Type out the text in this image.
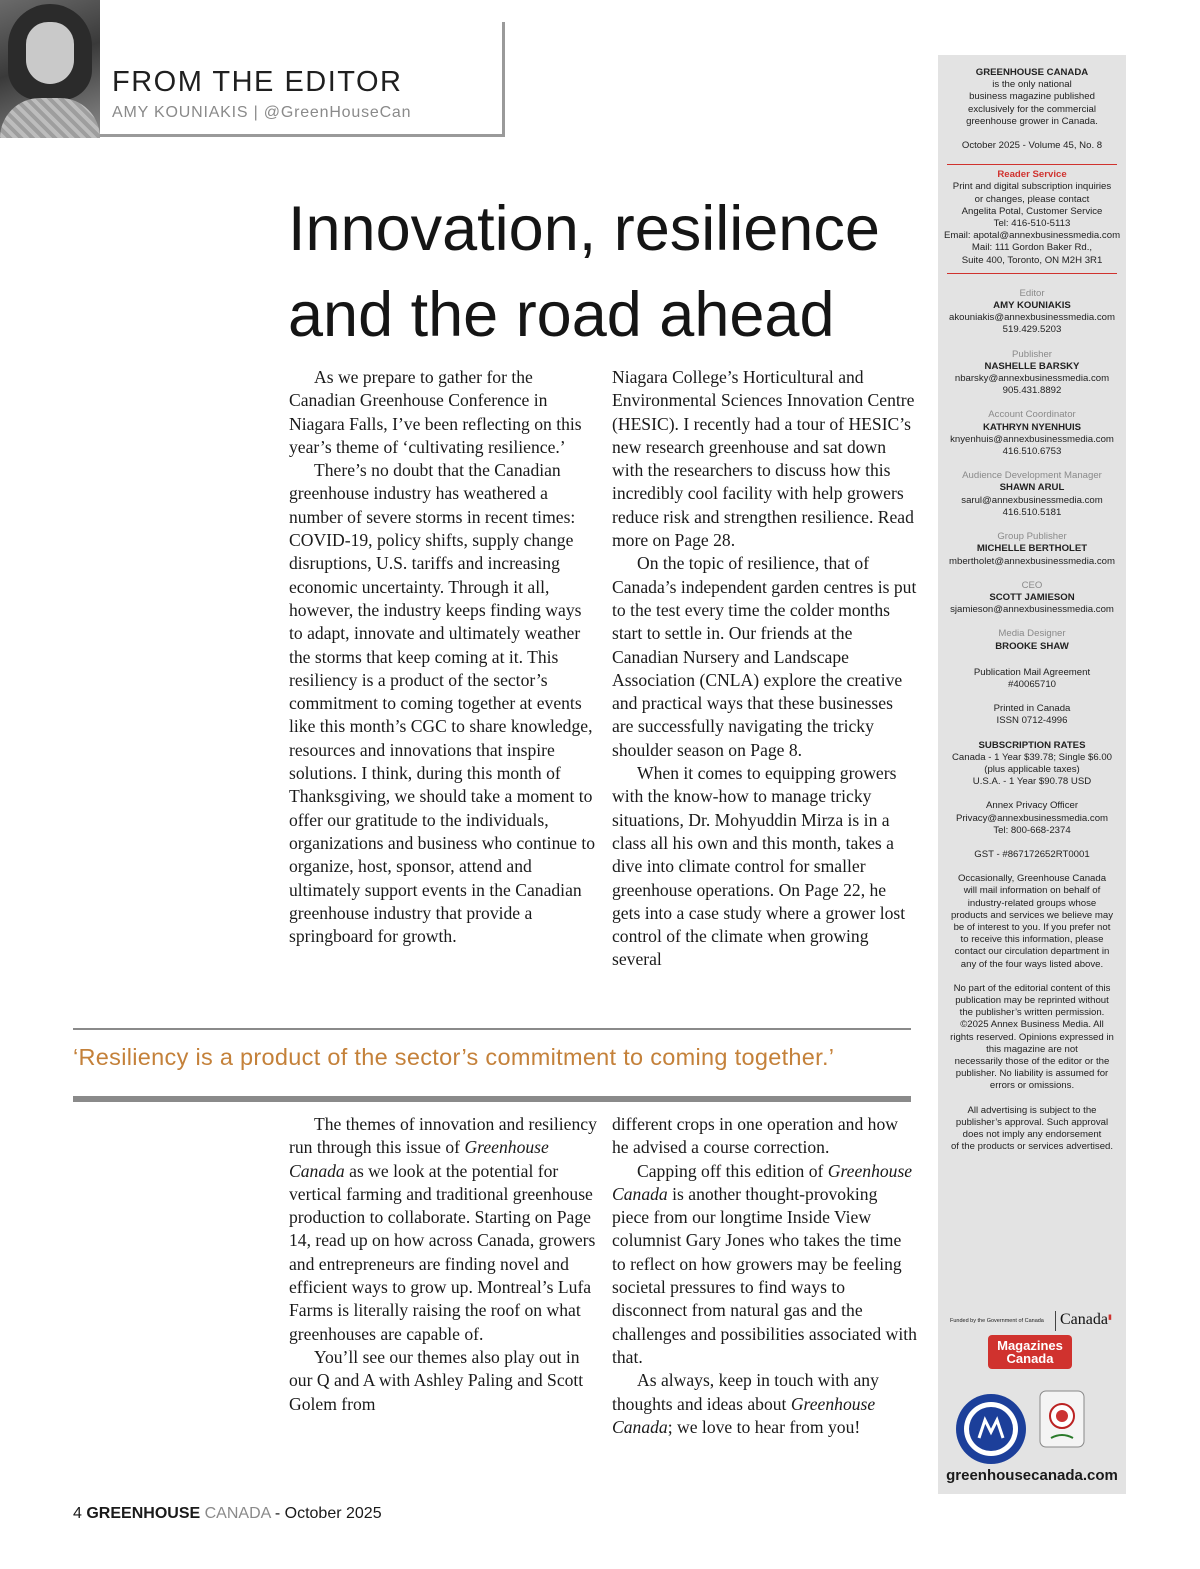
FROM THE EDITOR
AMY KOUNIAKIS | @GreenHouseCan
Innovation, resilience
and the road ahead

As we prepare to gather for the Canadian Greenhouse Conference in Niagara Falls, I’ve been reflecting on this year’s theme of ‘cultivating resilience.’

There’s no doubt that the Canadian greenhouse industry has weathered a number of severe storms in recent times: COVID-19, policy shifts, supply change disruptions, U.S. tariffs and increasing economic uncertainty. Through it all, however, the industry keeps finding ways to adapt, innovate and ultimately weather the storms that keep coming at it. This resiliency is a product of the sector’s commitment to coming together at events like this month’s CGC to share knowledge, resources and innovations that inspire solutions. I think, during this month of Thanksgiving, we should take a moment to offer our gratitude to the individuals, organizations and business who continue to organize, host, sponsor, attend and ultimately support events in the Canadian greenhouse industry that provide a springboard for growth.

Niagara College’s Horticultural and Environmental Sciences Innovation Centre (HESIC). I recently had a tour of HESIC’s new research greenhouse and sat down with the researchers to discuss how this incredibly cool facility with help growers reduce risk and strengthen resilience. Read more on Page 28.

On the topic of resilience, that of Canada’s independent garden centres is put to the test every time the colder months start to settle in. Our friends at the Canadian Nursery and Landscape Association (CNLA) explore the creative and practical ways that these businesses are successfully navigating the tricky shoulder season on Page 8.

When it comes to equipping growers with the know-how to manage tricky situations, Dr. Mohyuddin Mirza is in a class all his own and this month, takes a dive into climate control for smaller greenhouse operations. On Page 22, he gets into a case study where a grower lost control of the climate when growing several

‘Resiliency is a product of the sector’s commitment to coming together.’

The themes of innovation and resiliency run through this issue of Greenhouse Canada as we look at the potential for vertical farming and traditional greenhouse production to collaborate. Starting on Page 14, read up on how across Canada, growers and entrepreneurs are finding novel and efficient ways to grow up. Montreal’s Lufa Farms is literally raising the roof on what greenhouses are capable of.

You’ll see our themes also play out in our Q and A with Ashley Paling and Scott Golem from

different crops in one operation and how he advised a course correction.

Capping off this edition of Greenhouse Canada is another thought-provoking piece from our longtime Inside View columnist Gary Jones who takes the time to reflect on how growers may be feeling societal pressures to find ways to disconnect from natural gas and the challenges and possibilities associated with that.

As always, keep in touch with any thoughts and ideas about Greenhouse Canada; we love to hear from you!

4 GREENHOUSE CANADA - October 2025
GREENHOUSE CANADA
is the only national
business magazine published
exclusively for the commercial
greenhouse grower in Canada.
October 2025 - Volume 45, No. 8
Reader Service
Print and digital subscription inquiries
or changes, please contact
Angelita Potal, Customer Service
Tel: 416-510-5113
Email: apotal@annexbusinessmedia.com
Mail: 111 Gordon Baker Rd.,
Suite 400, Toronto, ON M2H 3R1
Editor
AMY KOUNIAKIS
akouniakis@annexbusinessmedia.com
519.429.5203
Publisher
NASHELLE BARSKY
nbarsky@annexbusinessmedia.com
905.431.8892
Account Coordinator
KATHRYN NYENHUIS
knyenhuis@annexbusinessmedia.com
416.510.6753
Audience Development Manager
SHAWN ARUL
sarul@annexbusinessmedia.com
416.510.5181
Group Publisher
MICHELLE BERTHOLET
mbertholet@annexbusinessmedia.com
CEO
SCOTT JAMIESON
sjamieson@annexbusinessmedia.com
Media Designer
BROOKE SHAW
Publication Mail Agreement
#40065710
Printed in Canada
ISSN 0712-4996
SUBSCRIPTION RATES
Canada - 1 Year $39.78; Single $6.00
(plus applicable taxes)
U.S.A. - 1 Year $90.78 USD
Annex Privacy Officer
Privacy@annexbusinessmedia.com
Tel: 800-668-2374
GST - #867172652RT0001
Occasionally, Greenhouse Canada
will mail information on behalf of
industry-related groups whose
products and services we believe may
be of interest to you. If you prefer not
to receive this information, please
contact our circulation department in
any of the four ways listed above.
No part of the editorial content of this
publication may be reprinted without
the publisher’s written permission.
©2025 Annex Business Media. All
rights reserved. Opinions expressed in
this magazine are not
necessarily those of the editor or the
publisher. No liability is assumed for
errors or omissions.
All advertising is subject to the
publisher’s approval. Such approval
does not imply any endorsement
of the products or services advertised.
Funded by the Government of Canada Canada ▮
Magazines
Canada
greenhousecanada.com
